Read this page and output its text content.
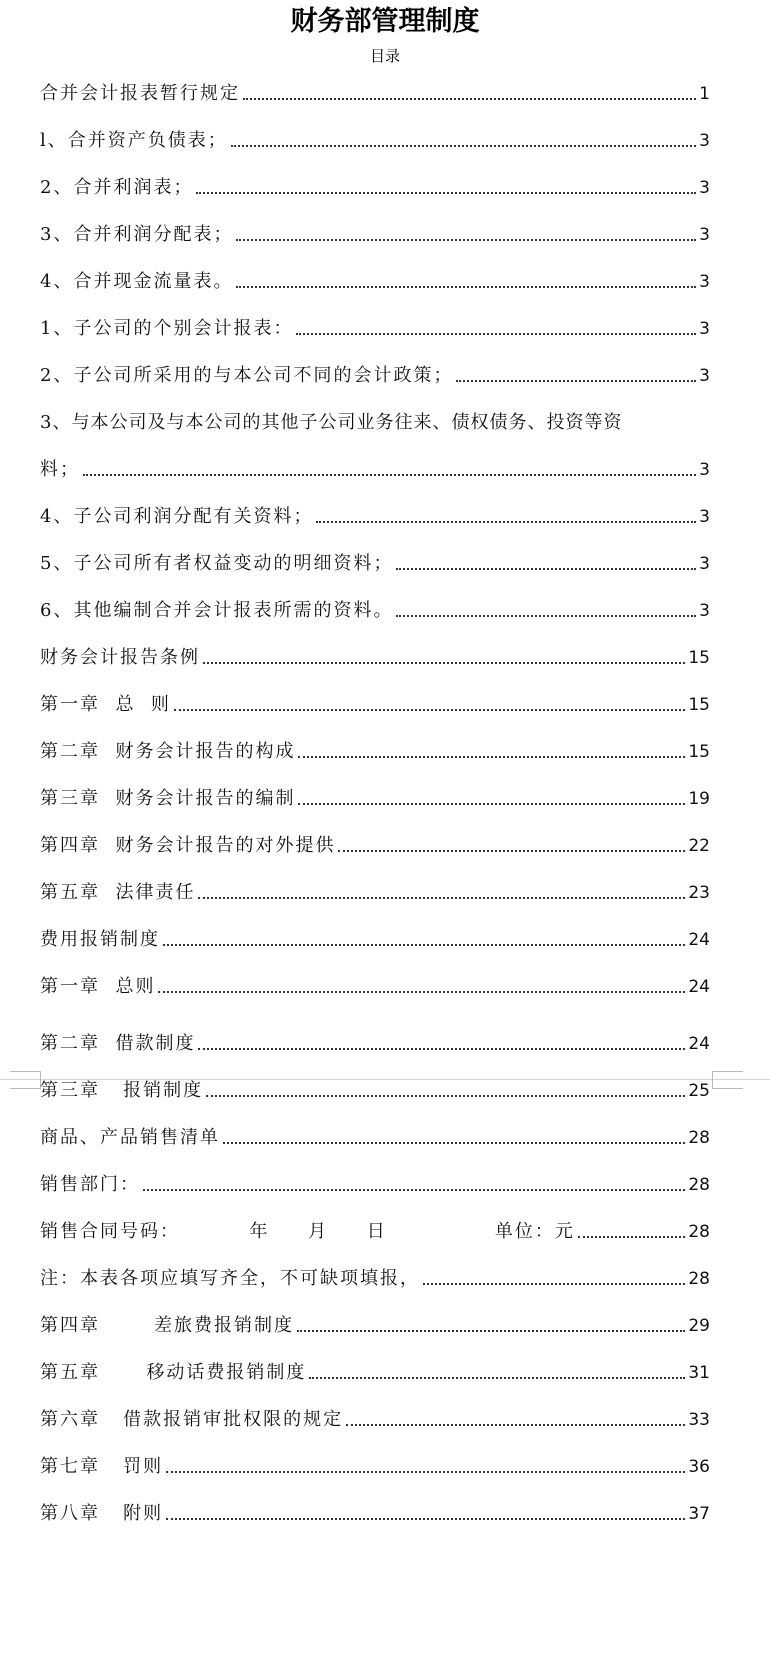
财务部管理制度
目录
合并会计报表暂行规定	1
l、合并资产负债表；	3
2、合并利润表；	3
3、合并利润分配表；	3
4、合并现金流量表。	3
1、子公司的个别会计报表：	3
2、子公司所采用的与本公司不同的会计政策；	3
3、与本公司及与本公司的其他子公司业务往来、债权债务、投资等资
料；	3
4、子公司利润分配有关资料；	3
5、子公司所有者权益变动的明细资料；	3
6、其他编制合并会计报表所需的资料。	3
财务会计报告条例	15
第一章  总  则	15
第二章  财务会计报告的构成	15
第三章  财务会计报告的编制	19
第四章  财务会计报告的对外提供	22
第五章  法律责任	23
费用报销制度	24
第一章  总则	24
第二章  借款制度	24
第三章   报销制度	25
商品、产品销售清单	28
销售部门：	28
销售合同号码：         年     月     日              单位：元	28
注：本表各项应填写齐全，不可缺项填报，	28
第四章       差旅费报销制度	29
第五章      移动话费报销制度	31
第六章   借款报销审批权限的规定	33
第七章   罚则	36
第八章   附则	37
